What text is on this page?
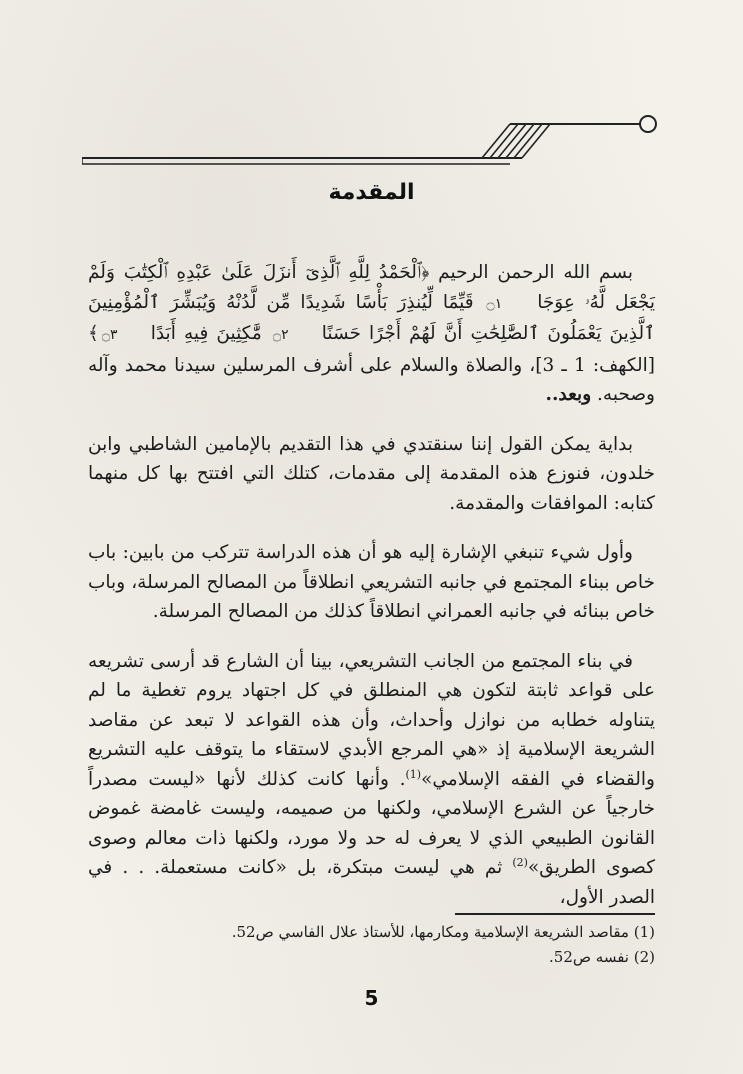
المقدمة

بسم الله الرحمن الرحيم ﴿ٱلْحَمْدُ لِلَّهِ ٱلَّذِىٓ أَنزَلَ عَلَىٰ عَبْدِهِ ٱلْكِتَٰبَ وَلَمْ يَجْعَل لَّهُۥ عِوَجَا ۝١ قَيِّمًا لِّيُنذِرَ بَأْسًا شَدِيدًا مِّن لَّدُنْهُ وَيُبَشِّرَ ٱلْمُؤْمِنِينَ ٱلَّذِينَ يَعْمَلُونَ ٱلصَّٰلِحَٰتِ أَنَّ لَهُمْ أَجْرًا حَسَنًا ۝٢ مَّٰكِثِينَ فِيهِ أَبَدًا ۝٣﴾ [الكهف: 1 ـ 3]، والصلاة والسلام على أشرف المرسلين سيدنا محمد وآله وصحبه. وبعد..

بداية يمكن القول إننا سنقتدي في هذا التقديم بالإمامين الشاطبي وابن خلدون، فنوزع هذه المقدمة إلى مقدمات، كتلك التي افتتح بها كل منهما كتابه: الموافقات والمقدمة.

وأول شيء تنبغي الإشارة إليه هو أن هذه الدراسة تتركب من بابين: باب خاص ببناء المجتمع في جانبه التشريعي انطلاقاً من المصالح المرسلة، وباب خاص ببنائه في جانبه العمراني انطلاقاً كذلك من المصالح المرسلة.

في بناء المجتمع من الجانب التشريعي، بينا أن الشارع قد أرسى تشريعه على قواعد ثابتة لتكون هي المنطلق في كل اجتهاد يروم تغطية ما لم يتناوله خطابه من نوازل وأحداث، وأن هذه القواعد لا تبعد عن مقاصد الشريعة الإسلامية إذ «هي المرجع الأبدي لاستقاء ما يتوقف عليه التشريع والقضاء في الفقه الإسلامي»$^{(1)}$. وأنها كانت كذلك لأنها «ليست مصدراً خارجياً عن الشرع الإسلامي، ولكنها من صميمه، وليست غامضة غموض القانون الطبيعي الذي لا يعرف له حد ولا مورد، ولكنها ذات معالم وصوى كصوى الطريق»$^{(2)}$ ثم هي ليست مبتكرة، بل «كانت مستعملة. . . في الصدر الأول،

(1) مقاصد الشريعة الإسلامية ومكارمها، للأستاذ علال الفاسي ص52.
(2) نفسه ص52.
5
